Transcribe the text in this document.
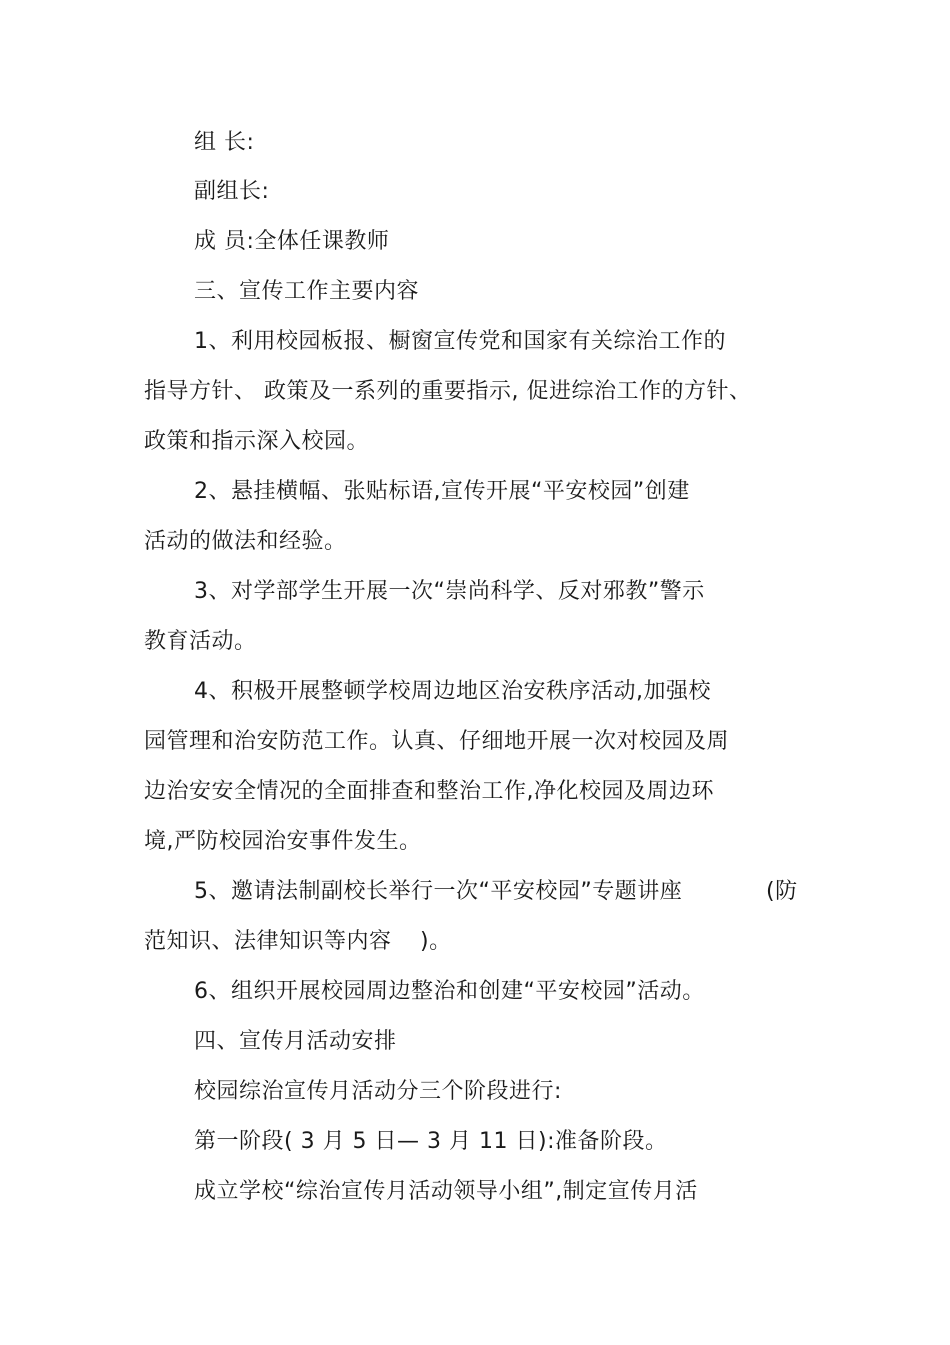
组 长:
副组长:
成 员:全体任课教师
三、宣传工作主要内容
1、利用校园板报、橱窗宣传党和国家有关综治工作的
指导方针、 政策及一系列的重要指示, 促进综治工作的方针、
政策和指示深入校园。
2、悬挂横幅、张贴标语,宣传开展“平安校园”创建
活动的做法和经验。
3、对学部学生开展一次“崇尚科学、反对邪教”警示
教育活动。
4、积极开展整顿学校周边地区治安秩序活动,加强校
园管理和治安防范工作。认真、仔细地开展一次对校园及周
边治安安全情况的全面排查和整治工作,净化校园及周边环
境,严防校园治安事件发生。
5、邀请法制副校长举行一次“平安校园”专题讲座	(防
范知识、法律知识等内容 )。
6、组织开展校园周边整治和创建“平安校园”活动。
四、宣传月活动安排
校园综治宣传月活动分三个阶段进行:
第一阶段( 3 月 5 日— 3 月 11 日):准备阶段。
成立学校“综治宣传月活动领导小组”,制定宣传月活
